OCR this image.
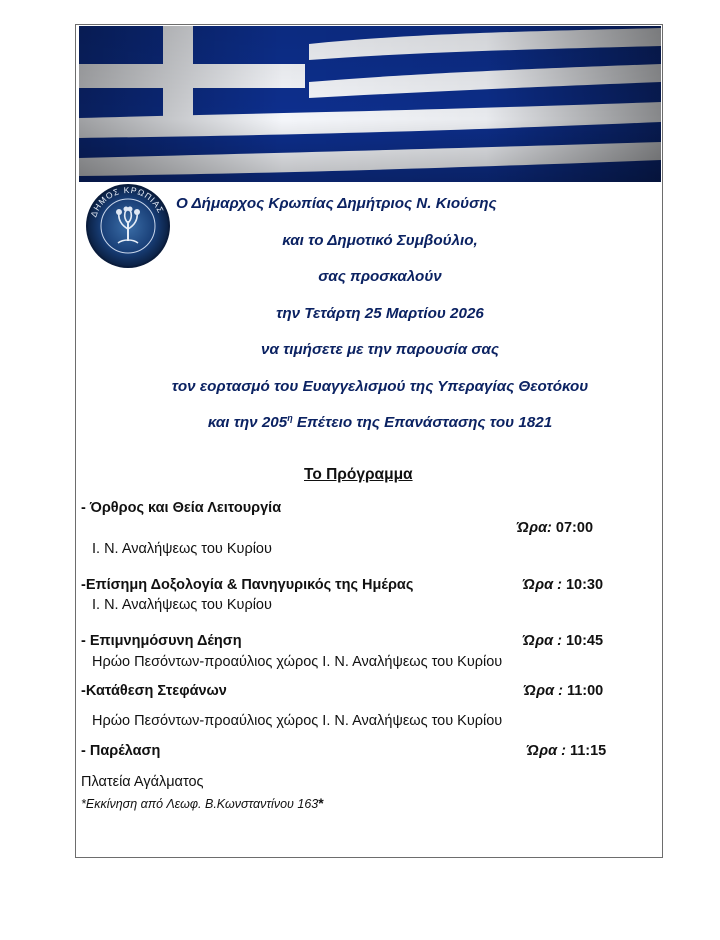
ΔΗΜΟΣ ΚΡΩΠΙΑΣ Ο Δήμαρχος Κρωπίας Δημήτριος Ν. Κιούσης
και το Δημοτικό Συμβούλιο,
σας προσκαλούν
την Τετάρτη 25 Μαρτίου 2026
να τιμήσετε με την παρουσία σας
τον εορτασμό του Ευαγγελισμού της Υπεραγίας Θεοτόκου
και την $205^\eta$ Επέτειο της Επανάστασης του 1821
Το Πρόγραμμα
- Όρθρος και Θεία Λειτουργία
Ώρα: 07:00
Ι. Ν. Αναλήψεως του Κυρίου
-Επίσημη Δοξολογία & Πανηγυρικός της Ημέρας	Ώρα : 10:30
Ι. Ν. Αναλήψεως του Κυρίου
- Επιμνημόσυνη Δέηση	Ώρα : 10:45
Ηρώο Πεσόντων-προαύλιος χώρος Ι. Ν. Αναλήψεως του Κυρίου
-Κατάθεση Στεφάνων	Ώρα : 11:00
Ηρώο Πεσόντων-προαύλιος χώρος Ι. Ν. Αναλήψεως του Κυρίου
- Παρέλαση	Ώρα : 11:15
Πλατεία Αγάλματος
*Εκκίνηση από Λεωφ. Β.Κωνσταντίνου 163*
